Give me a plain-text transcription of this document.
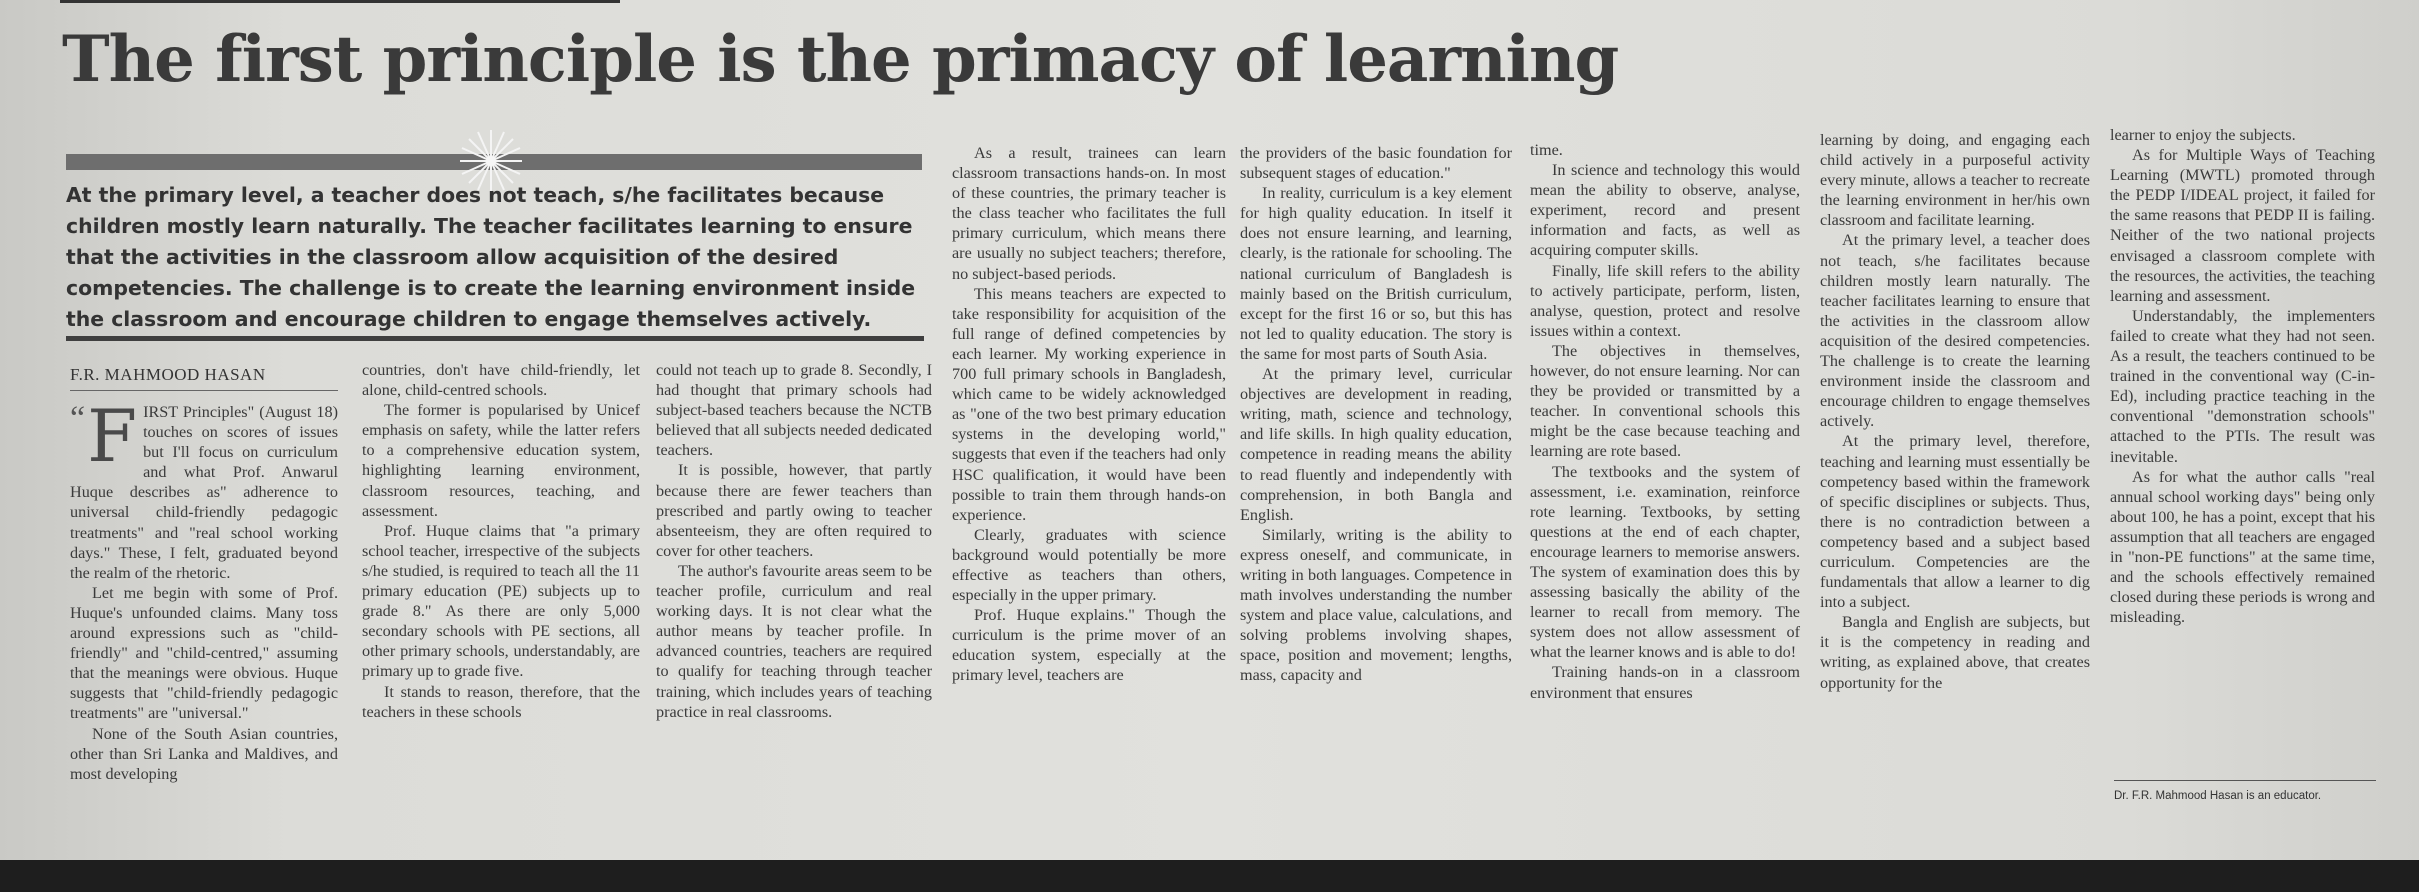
The first principle is the primacy of learning

At the primary level, a teacher does not teach, s/he facilitates because children mostly learn naturally. The teacher facilitates learning to ensure that the activities in the classroom allow acquisition of the desired competencies. The challenge is to create the learning environment inside the classroom and encourage children to engage themselves actively.

F.R. MAHMOOD HASAN

“ F IRST Principles" (August 18) touches on scores of issues but I'll focus on curriculum and what Prof. Anwarul Huque describes as" adherence to universal child-friendly pedagogic treatments" and "real school working days." These, I felt, graduated beyond the realm of the rhetoric.

Let me begin with some of Prof. Huque's unfounded claims. Many toss around expressions such as "child-friendly" and "child-centred," assuming that the meanings were obvious. Huque suggests that "child-friendly pedagogic treatments" are "universal."

None of the South Asian countries, other than Sri Lanka and Maldives, and most developing

countries, don't have child-friendly, let alone, child-centred schools.

The former is popularised by Unicef emphasis on safety, while the latter refers to a comprehensive education system, highlighting learning environment, classroom resources, teaching, and assessment.

Prof. Huque claims that "a primary school teacher, irrespective of the subjects s/he studied, is required to teach all the 11 primary education (PE) subjects up to grade 8." As there are only 5,000 secondary schools with PE sections, all other primary schools, understandably, are primary up to grade five.

It stands to reason, therefore, that the teachers in these schools

could not teach up to grade 8. Secondly, I had thought that primary schools had subject-based teachers because the NCTB believed that all subjects needed dedicated teachers.

It is possible, however, that partly because there are fewer teachers than prescribed and partly owing to teacher absenteeism, they are often required to cover for other teachers.

The author's favourite areas seem to be teacher profile, curriculum and real working days. It is not clear what the author means by teacher profile. In advanced countries, teachers are required to qualify for teaching through teacher training, which includes years of teaching practice in real classrooms.

As a result, trainees can learn classroom transactions hands-on. In most of these countries, the primary teacher is the class teacher who facilitates the full primary curriculum, which means there are usually no subject teachers; therefore, no subject-based periods.

This means teachers are expected to take responsibility for acquisition of the full range of defined competencies by each learner. My working experience in 700 full primary schools in Bangladesh, which came to be widely acknowledged as "one of the two best primary education systems in the developing world," suggests that even if the teachers had only HSC qualification, it would have been possible to train them through hands-on experience.

Clearly, graduates with science background would potentially be more effective as teachers than others, especially in the upper primary.

Prof. Huque explains." Though the curriculum is the prime mover of an education system, especially at the primary level, teachers are

the providers of the basic foundation for subsequent stages of education."

In reality, curriculum is a key element for high quality education. In itself it does not ensure learning, and learning, clearly, is the rationale for schooling. The national curriculum of Bangladesh is mainly based on the British curriculum, except for the first 16 or so, but this has not led to quality education. The story is the same for most parts of South Asia.

At the primary level, curricular objectives are development in reading, writing, math, science and technology, and life skills. In high quality education, competence in reading means the ability to read fluently and independently with comprehension, in both Bangla and English.

Similarly, writing is the ability to express oneself, and communicate, in writing in both languages. Competence in math involves understanding the number system and place value, calculations, and solving problems involving shapes, space, position and movement; lengths, mass, capacity and

time.

In science and technology this would mean the ability to observe, analyse, experiment, record and present information and facts, as well as acquiring computer skills.

Finally, life skill refers to the ability to actively participate, perform, listen, analyse, question, protect and resolve issues within a context.

The objectives in themselves, however, do not ensure learning. Nor can they be provided or transmitted by a teacher. In conventional schools this might be the case because teaching and learning are rote based.

The textbooks and the system of assessment, i.e. examination, reinforce rote learning. Textbooks, by setting questions at the end of each chapter, encourage learners to memorise answers. The system of examination does this by assessing basically the ability of the learner to recall from memory. The system does not allow assessment of what the learner knows and is able to do!

Training hands-on in a classroom environment that ensures

learning by doing, and engaging each child actively in a purposeful activity every minute, allows a teacher to recreate the learning environment in her/his own classroom and facilitate learning.

At the primary level, a teacher does not teach, s/he facilitates because children mostly learn naturally. The teacher facilitates learning to ensure that the activities in the classroom allow acquisition of the desired competencies. The challenge is to create the learning environment inside the classroom and encourage children to engage themselves actively.

At the primary level, therefore, teaching and learning must essentially be competency based within the framework of specific disciplines or subjects. Thus, there is no contradiction between a competency based and a subject based curriculum. Competencies are the fundamentals that allow a learner to dig into a subject.

Bangla and English are subjects, but it is the competency in reading and writing, as explained above, that creates opportunity for the

learner to enjoy the subjects.

As for Multiple Ways of Teaching Learning (MWTL) promoted through the PEDP I/IDEAL project, it failed for the same reasons that PEDP II is failing. Neither of the two national projects envisaged a classroom complete with the resources, the activities, the teaching learning and assessment.

Understandably, the implementers failed to create what they had not seen. As a result, the teachers continued to be trained in the conventional way (C-in-Ed), including practice teaching in the conventional "demonstration schools" attached to the PTIs. The result was inevitable.

As for what the author calls "real annual school working days" being only about 100, he has a point, except that his assumption that all teachers are engaged in "non-PE functions" at the same time, and the schools effectively remained closed during these periods is wrong and misleading.

Dr. F.R. Mahmood Hasan is an educator.
